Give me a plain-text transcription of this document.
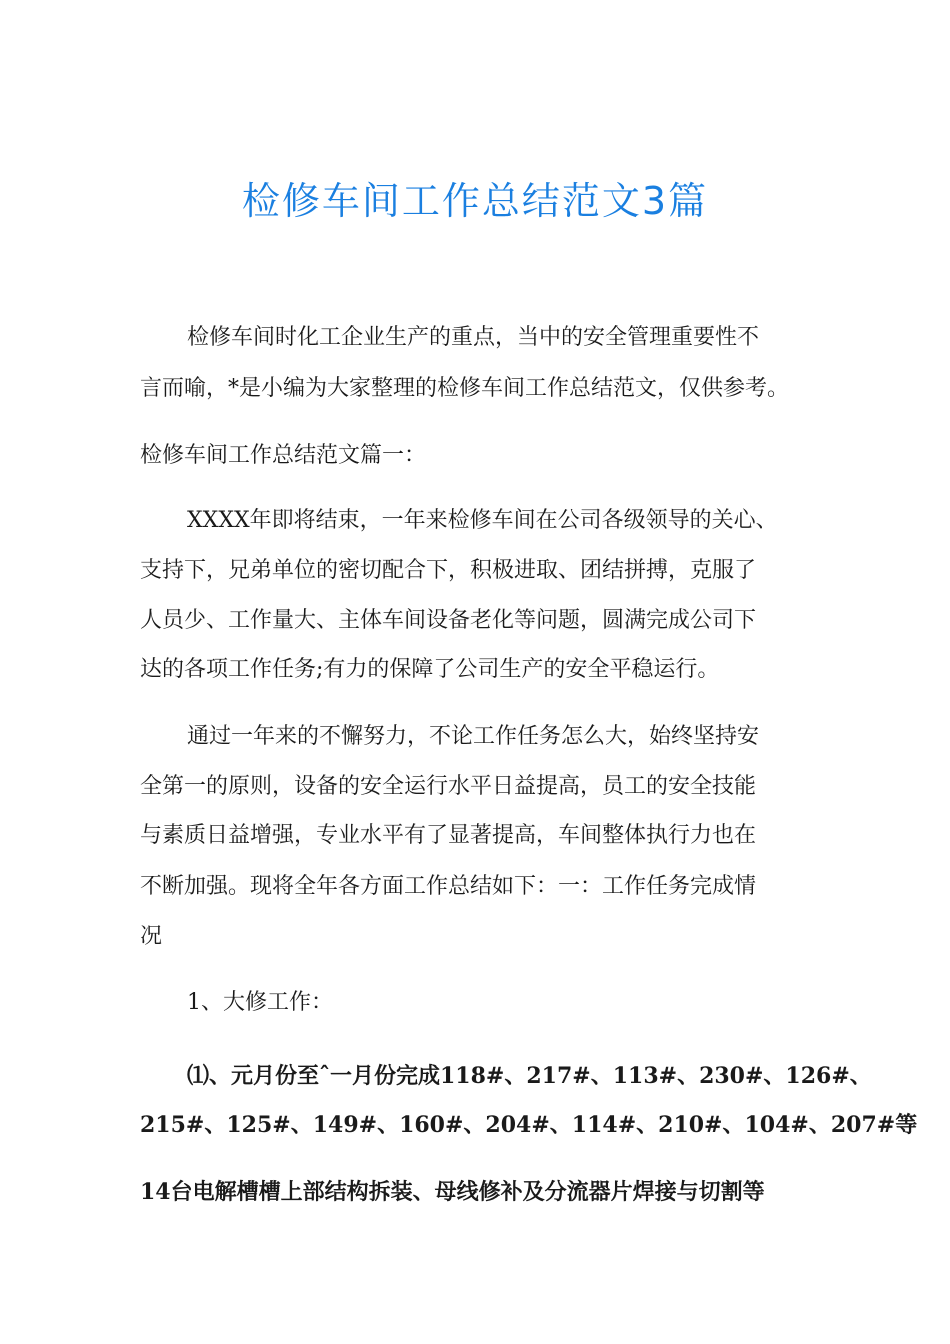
检修车间工作总结范文3篇

检修车间时化工企业生产的重点，当中的安全管理重要性不

言而喻，*是小编为大家整理的检修车间工作总结范文，仅供参考。

检修车间工作总结范文篇一：

XXXX年即将结束，一年来检修车间在公司各级领导的关心、

支持下，兄弟单位的密切配合下，积极进取、团结拼搏，克服了

人员少、工作量大、主体车间设备老化等问题，圆满完成公司下

达的各项工作任务;有力的保障了公司生产的安全平稳运行。

通过一年来的不懈努力，不论工作任务怎么大，始终坚持安

全第一的原则，设备的安全运行水平日益提高，员工的安全技能

与素质日益增强，专业水平有了显著提高，车间整体执行力也在

不断加强。现将全年各方面工作总结如下：一：工作任务完成情

况

1、大修工作：

⑴、元月份至ˆ一月份完成118#、217#、113#、230#、126#、

215#、125#、149#、160#、204#、114#、210#、104#、207#等

14台电解槽槽上部结构拆装、母线修补及分流器片焊接与切割等
